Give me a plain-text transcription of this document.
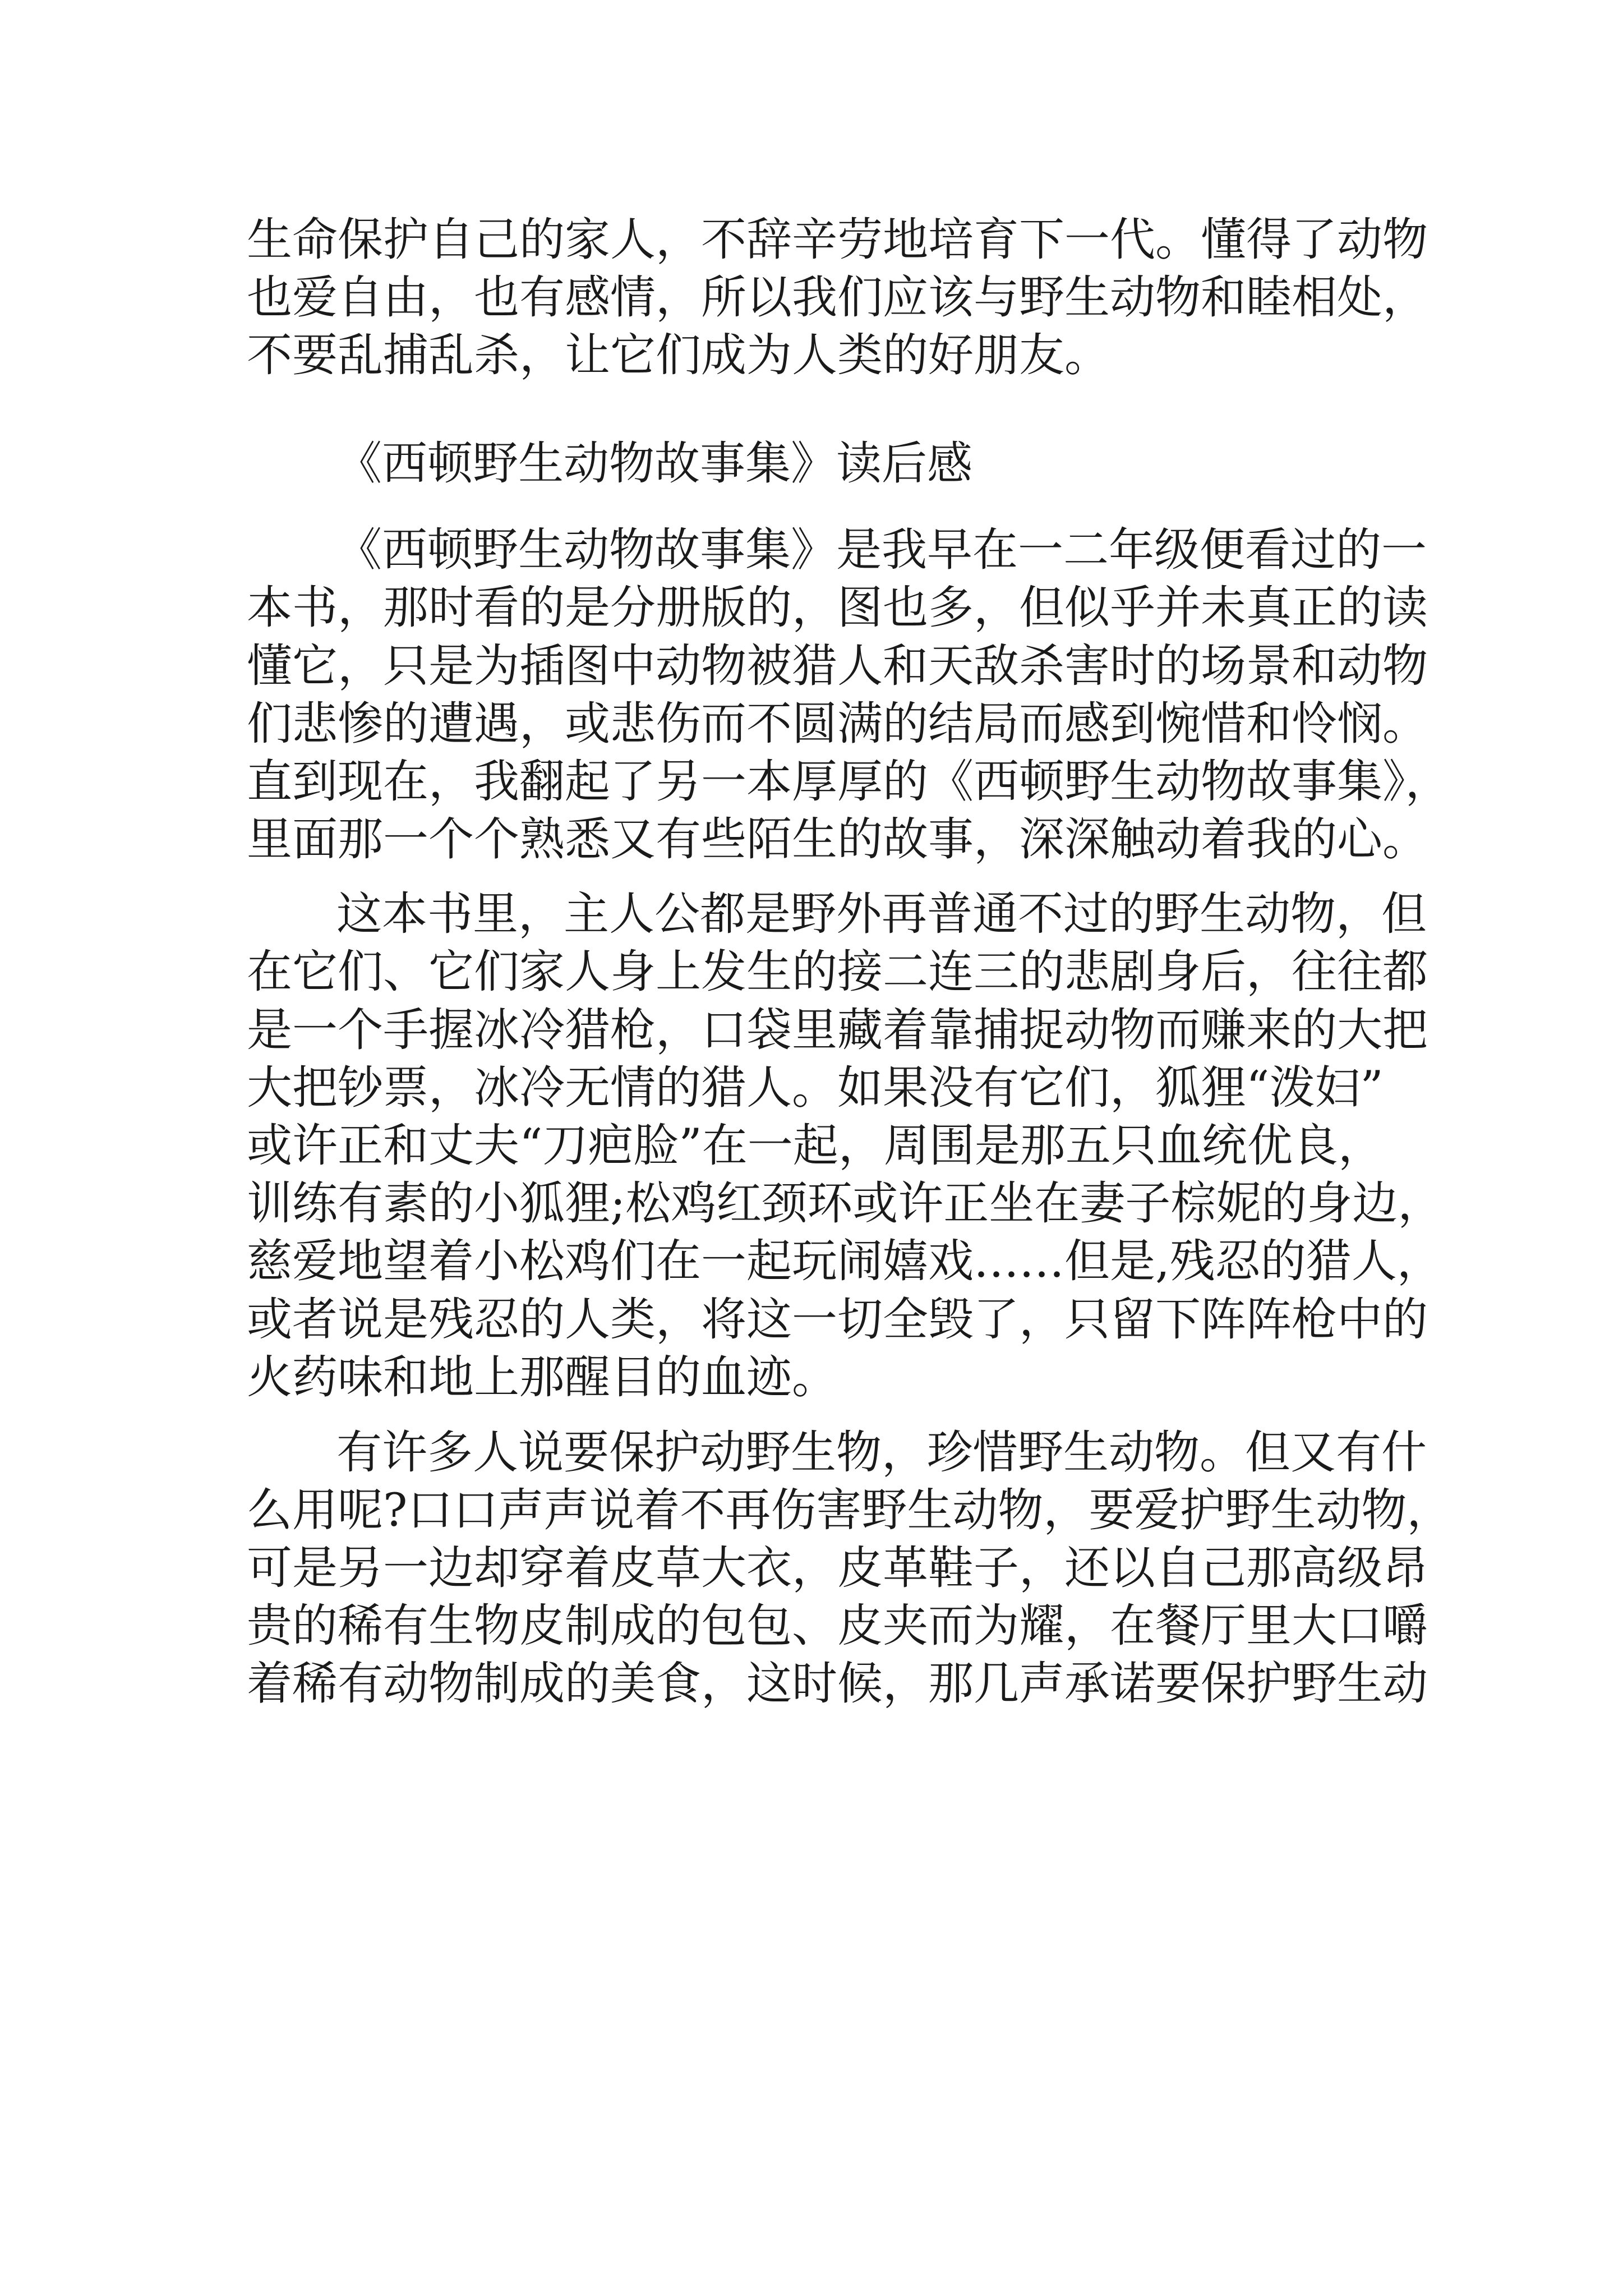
生命保护自己的家人，不辞辛劳地培育下一代。懂得了动物
也爱自由，也有感情，所以我们应该与野生动物和睦相处，
不要乱捕乱杀，让它们成为人类的好朋友。
《西顿野生动物故事集》读后感
《西顿野生动物故事集》是我早在一二年级便看过的一
本书，那时看的是分册版的，图也多，但似乎并未真正的读
懂它，只是为插图中动物被猎人和天敌杀害时的场景和动物
们悲惨的遭遇，或悲伤而不圆满的结局而感到惋惜和怜悯。
直到现在，我翻起了另一本厚厚的《西顿野生动物故事集》，
里面那一个个熟悉又有些陌生的故事，深深触动着我的心。
这本书里，主人公都是野外再普通不过的野生动物，但
在它们、它们家人身上发生的接二连三的悲剧身后，往往都
是一个手握冰冷猎枪，口袋里藏着靠捕捉动物而赚来的大把
大把钞票，冰冷无情的猎人。如果没有它们，狐狸“泼妇”
或许正和丈夫“刀疤脸”在一起，周围是那五只血统优良，
训练有素的小狐狸;松鸡红颈环或许正坐在妻子棕妮的身边，
慈爱地望着小松鸡们在一起玩闹嬉戏……但是,残忍的猎人，
或者说是残忍的人类，将这一切全毁了，只留下阵阵枪中的
火药味和地上那醒目的血迹。
有许多人说要保护动野生物，珍惜野生动物。但又有什
么用呢?口口声声说着不再伤害野生动物，要爱护野生动物，
可是另一边却穿着皮草大衣，皮革鞋子，还以自己那高级昂
贵的稀有生物皮制成的包包、皮夹而为耀，在餐厅里大口嚼
着稀有动物制成的美食，这时候，那几声承诺要保护野生动
